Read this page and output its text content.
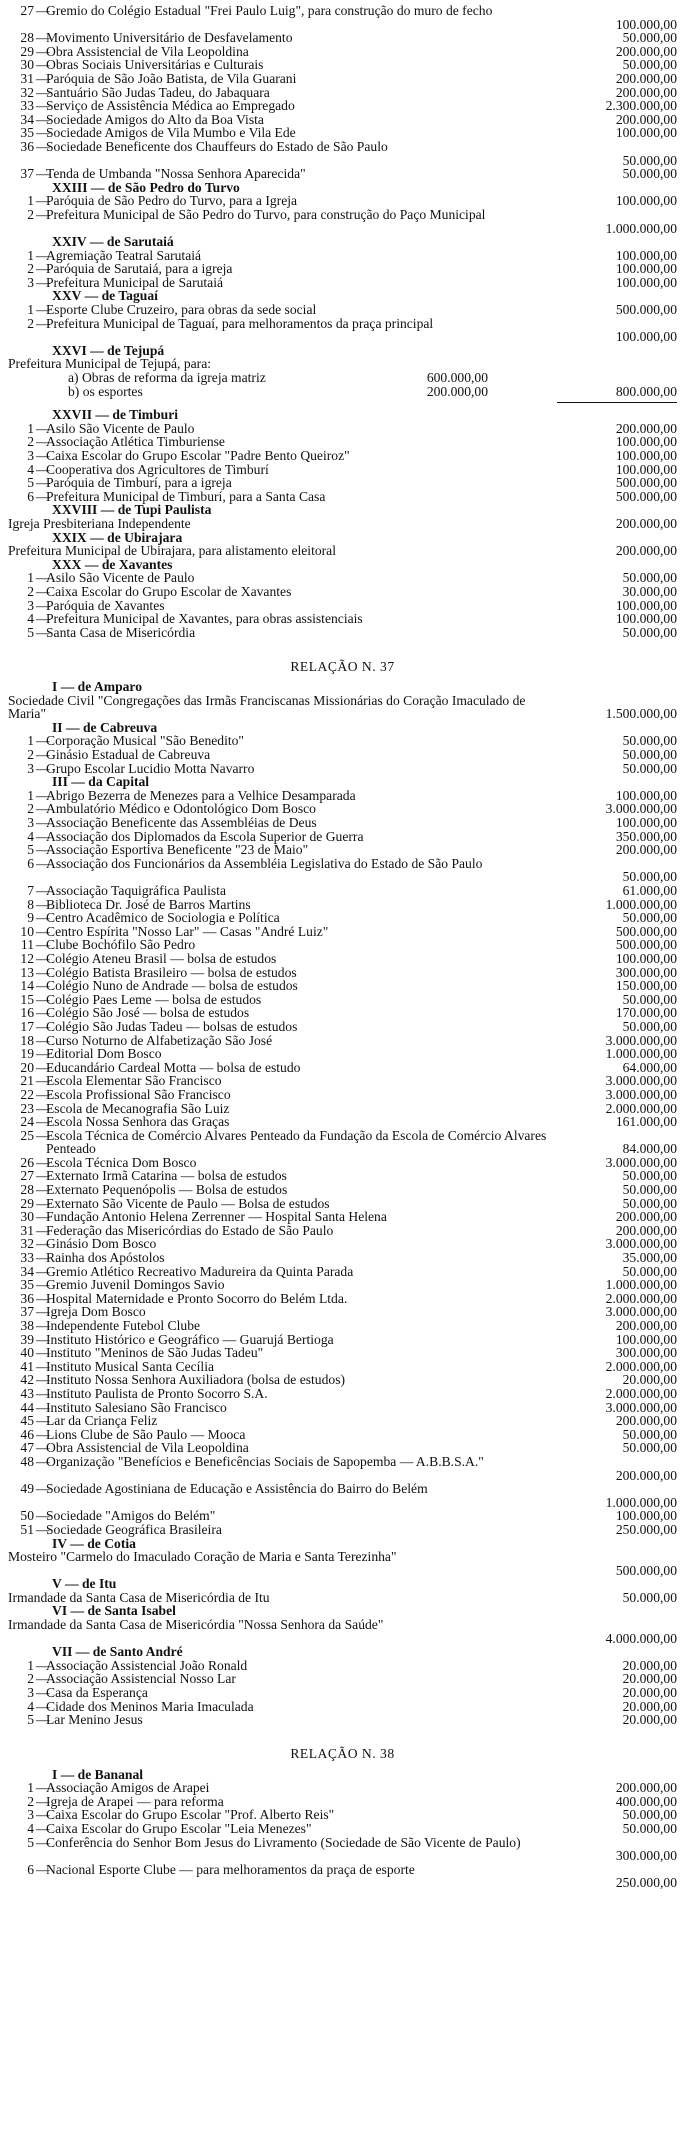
27 —Gremio do Colégio Estadual "Frei Paulo Luig", para construção do muro de fecho
100.000,00
28 —Movimento Universitário de Desfavelamento	50.000,00
29 —Obra Assistencial de Vila Leopoldina	200.000,00
30 —Obras Sociais Universitárias e Culturais	50.000,00
31 —Paróquia de São João Batista, de Vila Guarani	200.000,00
32 —Santuário São Judas Tadeu, do Jabaquara	200.000,00
33 —Serviço de Assistência Médica ao Empregado	2.300.000,00
34 —Sociedade Amigos do Alto da Boa Vista	200.000,00
35 —Sociedade Amigos de Vila Mumbo e Vila Ede	100.000,00
36 —Sociedade Beneficente dos Chauffeurs do Estado de São Paulo
50.000,00
37 —Tenda de Umbanda "Nossa Senhora Aparecida"	50.000,00
XXIII — de São Pedro do Turvo
1 —Paróquia de São Pedro do Turvo, para a Igreja	100.000,00
2 —Prefeitura Municipal de São Pedro do Turvo, para construção do Paço Municipal
1.000.000,00
XXIV — de Sarutaiá
1 —Agremiação Teatral Sarutaiá	100.000,00
2 —Paróquia de Sarutaiá, para a igreja	100.000,00
3 —Prefeitura Municipal de Sarutaiá	100.000,00
XXV — de Taguaí
1 —Esporte Clube Cruzeiro, para obras da sede social	500.000,00
2 —Prefeitura Municipal de Taguaí, para melhoramentos da praça principal
100.000,00
XXVI — de Tejupá
Prefeitura Municipal de Tejupá, para:
a) Obras de reforma da igreja matriz	600.000,00
b) os esportes	200.000,00	800.000,00
XXVII — de Timburi
1 —Asilo São Vicente de Paulo	200.000,00
2 —Associação Atlética Timburiense	100.000,00
3 —Caixa Escolar do Grupo Escolar "Padre Bento Queiroz"	100.000,00
4 —Cooperativa dos Agricultores de Timburí	100.000,00
5 —Paróquia de Timburí, para a igreja	500.000,00
6 —Prefeitura Municipal de Timburí, para a Santa Casa	500.000,00
XXVIII — de Tupi Paulista
Igreja Presbiteriana Independente	200.000,00
XXIX — de Ubirajara
Prefeitura Municipal de Ubirajara, para alistamento eleitoral	200.000,00
XXX — de Xavantes
1 —Asilo São Vicente de Paulo	50.000,00
2 —Caixa Escolar do Grupo Escolar de Xavantes	30.000,00
3 —Paróquia de Xavantes	100.000,00
4 —Prefeitura Municipal de Xavantes, para obras assistenciais	100.000,00
5 —Santa Casa de Misericórdia	50.000,00
RELAÇÃO N. 37
I — de Amparo
Sociedade Civil "Congregações das Irmãs Franciscanas Missionárias do Coração Imaculado de Maria"	1.500.000,00
II — de Cabreuva
1 —Corporação Musical "São Benedito"	50.000,00
2 —Ginásio Estadual de Cabreuva	50.000,00
3 —Grupo Escolar Lucidio Motta Navarro	50.000,00
III — da Capital
1 —Abrigo Bezerra de Menezes para a Velhice Desamparada	100.000,00
2 —Ambulatório Médico e Odontológico Dom Bosco	3.000.000,00
3 —Associação Beneficente das Assembléias de Deus	100.000,00
4 —Associação dos Diplomados da Escola Superior de Guerra	350.000,00
5 —Associação Esportiva Beneficente "23 de Maio"	200.000,00
6 —Associação dos Funcionários da Assembléia Legislativa do Estado de São Paulo
50.000,00
7 —Associação Taquigráfica Paulista	61.000,00
8 —Biblioteca Dr. José de Barros Martins	1.000.000,00
9 —Centro Acadêmico de Sociologia e Política	50.000,00
10 —Centro Espírita "Nosso Lar" — Casas "André Luiz"	500.000,00
11 —Clube Bochófilo São Pedro	500.000,00
12 —Colégio Ateneu Brasil — bolsa de estudos	100.000,00
13 —Colégio Batista Brasileiro — bolsa de estudos	300.000,00
14 —Colégio Nuno de Andrade — bolsa de estudos	150.000,00
15 —Colégio Paes Leme — bolsa de estudos	50.000,00
16 —Colégio São José — bolsa de estudos	170.000,00
17 —Colégio São Judas Tadeu — bolsas de estudos	50.000,00
18 —Curso Noturno de Alfabetização São José	3.000.000,00
19 —Editorial Dom Bosco	1.000.000,00
20 —Educandário Cardeal Motta — bolsa de estudo	64.000,00
21 —Escola Elementar São Francisco	3.000.000,00
22 —Escola Profissional São Francisco	3.000.000,00
23 —Escola de Mecanografia São Luiz	2.000.000,00
24 —Escola Nossa Senhora das Graças	161.000,00
25 —Escola Técnica de Comércio Alvares Penteado da Fundação da Escola de Comércio Alvares Penteado	84.000,00
26 —Escola Técnica Dom Bosco	3.000.000,00
27 —Externato Irmã Catarina — bolsa de estudos	50.000,00
28 —Externato Pequenópolis — Bolsa de estudos	50.000,00
29 —Externato São Vicente de Paulo — Bolsa de estudos	50.000,00
30 —Fundação Antonio Helena Zerrenner — Hospital Santa Helena	200.000,00
31 —Federação das Misericórdias do Estado de São Paulo	200.000,00
32 —Ginásio Dom Bosco	3.000.000,00
33 —Rainha dos Apóstolos	35.000,00
34 —Gremio Atlético Recreativo Madureira da Quinta Parada	50.000,00
35 —Gremio Juvenil Domingos Savio	1.000.000,00
36 —Hospital Maternidade e Pronto Socorro do Belém Ltda.	2.000.000,00
37 —Igreja Dom Bosco	3.000.000,00
38 —Independente Futebol Clube	200.000,00
39 —Instituto Histórico e Geográfico — Guarujá Bertioga	100.000,00
40 —Instituto "Meninos de São Judas Tadeu"	300.000,00
41 —Instituto Musical Santa Cecília	2.000.000,00
42 —Instituto Nossa Senhora Auxiliadora (bolsa de estudos)	20.000,00
43 —Instituto Paulista de Pronto Socorro S.A.	2.000.000,00
44 —Instituto Salesiano São Francisco	3.000.000,00
45 —Lar da Criança Feliz	200.000,00
46 —Lions Clube de São Paulo — Mooca	50.000,00
47 —Obra Assistencial de Vila Leopoldina	50.000,00
48 —Organização "Benefícios e Beneficências Sociais de Sapopemba — A.B.B.S.A."
200.000,00
49 —Sociedade Agostiniana de Educação e Assistência do Bairro do Belém
1.000.000,00
50 —Sociedade "Amigos do Belém"	100.000,00
51 —Sociedade Geográfica Brasileira	250.000,00
IV — de Cotia
Mosteiro "Carmelo do Imaculado Coração de Maria e Santa Terezinha"
500.000,00
V — de Itu
Irmandade da Santa Casa de Misericórdia de Itu	50.000,00
VI — de Santa Isabel
Irmandade da Santa Casa de Misericórdia "Nossa Senhora da Saúde"
4.000.000,00
VII — de Santo André
1 —Associação Assistencial João Ronald	20.000,00
2 —Associação Assistencial Nosso Lar	20.000,00
3 —Casa da Esperança	20.000,00
4 —Cidade dos Meninos Maria Imaculada	20.000,00
5 —Lar Menino Jesus	20.000,00
RELAÇÃO N. 38
I — de Bananal
1 —Associação Amigos de Arapei	200.000,00
2 —Igreja de Arapei — para reforma	400.000,00
3 —Caixa Escolar do Grupo Escolar "Prof. Alberto Reis"	50.000,00
4 —Caixa Escolar do Grupo Escolar "Leia Menezes"	50.000,00
5 —Conferência do Senhor Bom Jesus do Livramento (Sociedade de São Vicente de Paulo)
300.000,00
6 —Nacional Esporte Clube — para melhoramentos da praça de esporte
250.000,00
